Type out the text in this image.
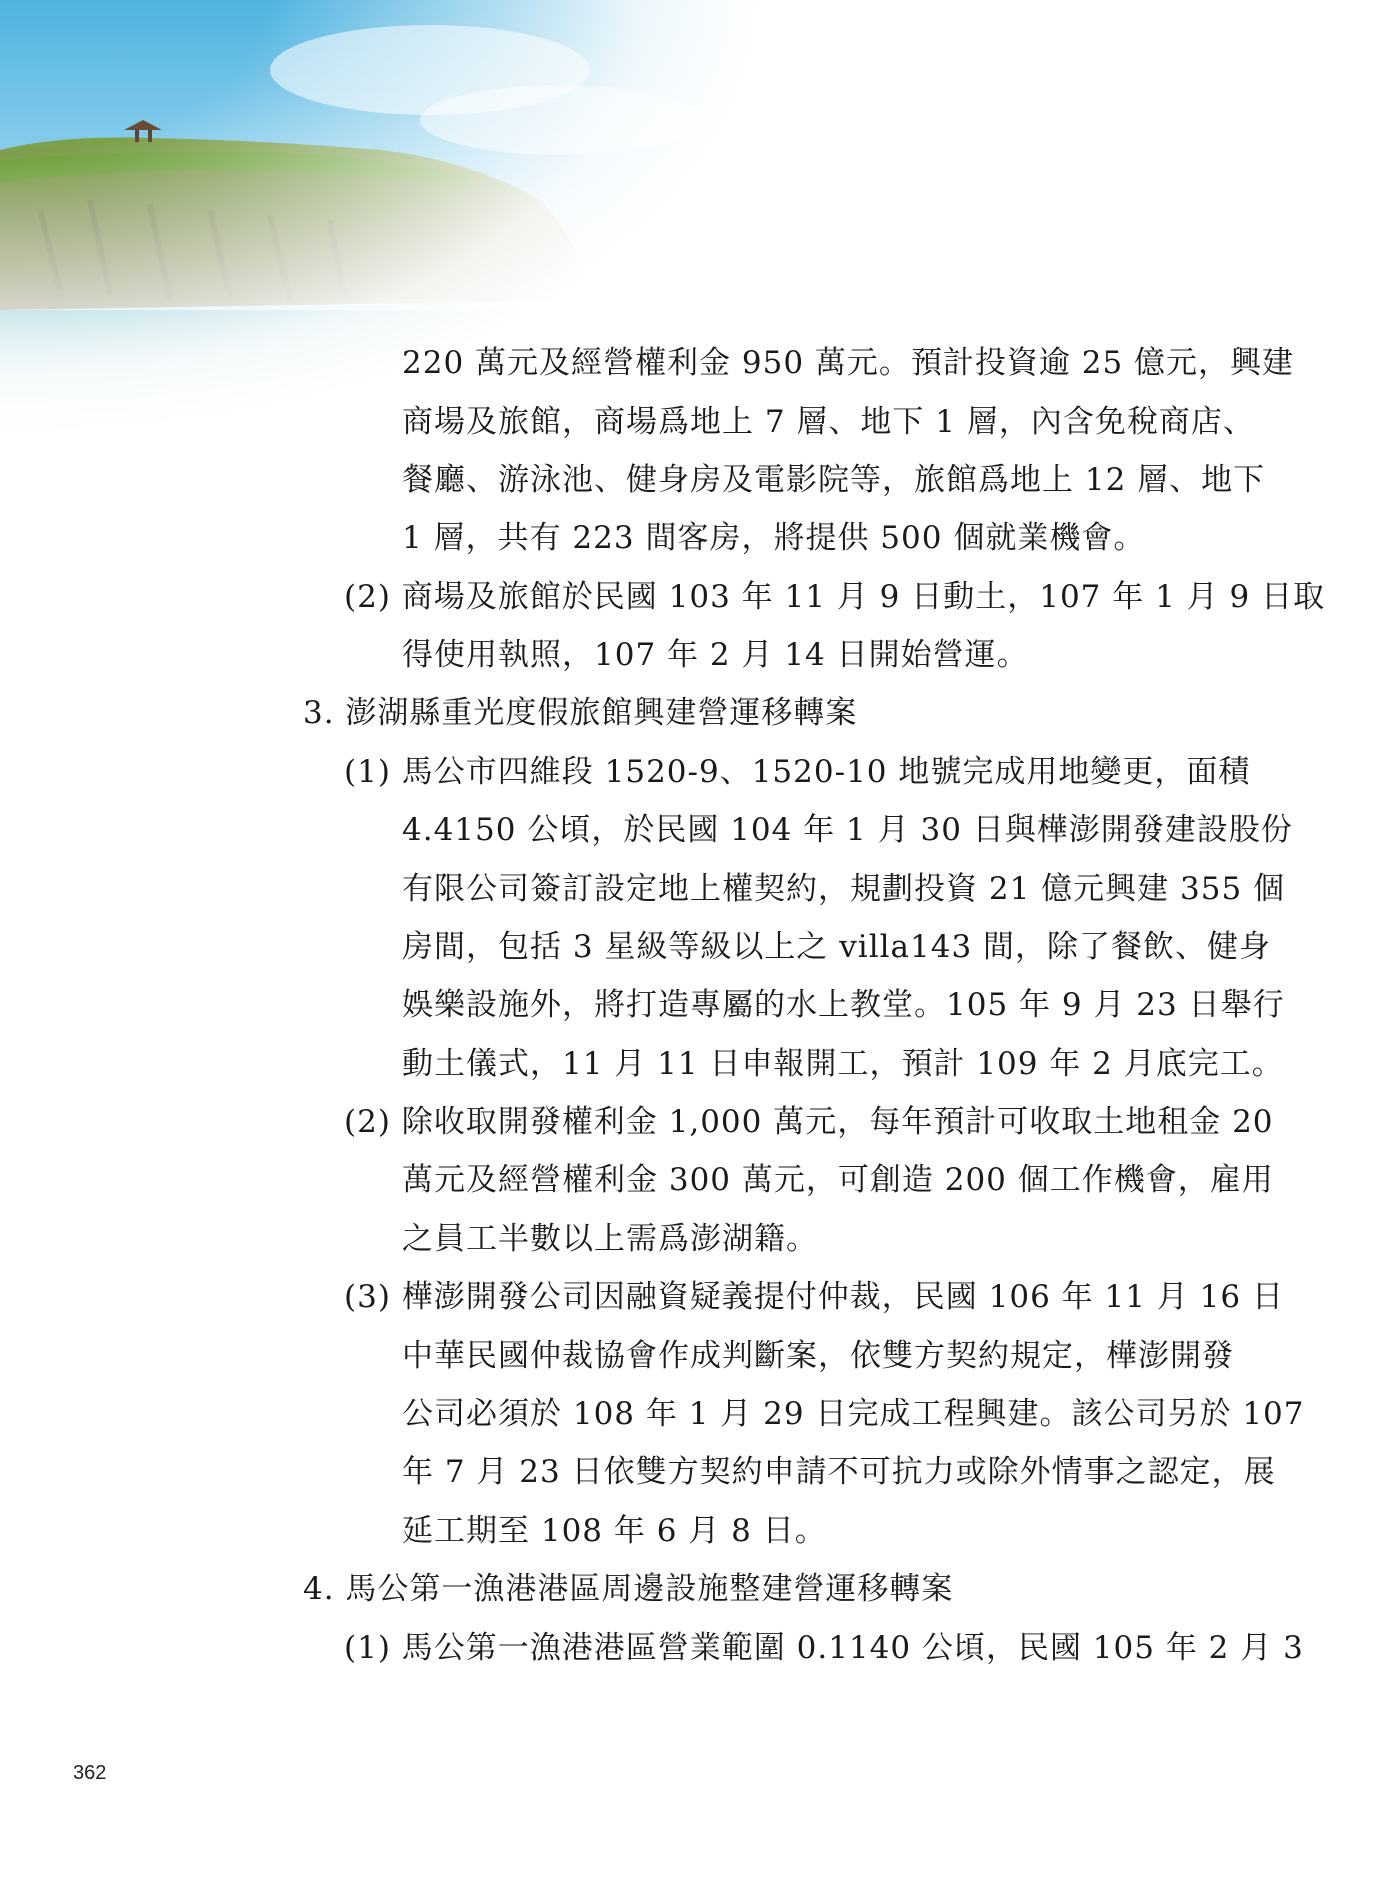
220 萬元及經營權利金 950 萬元。預計投資逾 25 億元，興建
商場及旅館，商場爲地上 7 層、地下 1 層，內含免稅商店、
餐廳、游泳池、健身房及電影院等，旅館爲地上 12 層、地下
1 層，共有 223 間客房，將提供 500 個就業機會。
(2) 商場及旅館於民國 103 年 11 月 9 日動土，107 年 1 月 9 日取
得使用執照，107 年 2 月 14 日開始營運。
3. 澎湖縣重光度假旅館興建營運移轉案
(1) 馬公市四維段 1520-9、1520-10 地號完成用地變更，面積
4.4150 公頃，於民國 104 年 1 月 30 日與樺澎開發建設股份
有限公司簽訂設定地上權契約，規劃投資 21 億元興建 355 個
房間，包括 3 星級等級以上之 villa143 間，除了餐飲、健身
娛樂設施外，將打造專屬的水上教堂。105 年 9 月 23 日舉行
動土儀式，11 月 11 日申報開工，預計 109 年 2 月底完工。
(2) 除收取開發權利金 1,000 萬元，每年預計可收取土地租金 20
萬元及經營權利金 300 萬元，可創造 200 個工作機會，雇用
之員工半數以上需爲澎湖籍。
(3) 樺澎開發公司因融資疑義提付仲裁，民國 106 年 11 月 16 日
中華民國仲裁協會作成判斷案，依雙方契約規定，樺澎開發
公司必須於 108 年 1 月 29 日完成工程興建。該公司另於 107
年 7 月 23 日依雙方契約申請不可抗力或除外情事之認定，展
延工期至 108 年 6 月 8 日。
4. 馬公第一漁港港區周邊設施整建營運移轉案
(1) 馬公第一漁港港區營業範圍 0.1140 公頃，民國 105 年 2 月 3
362
